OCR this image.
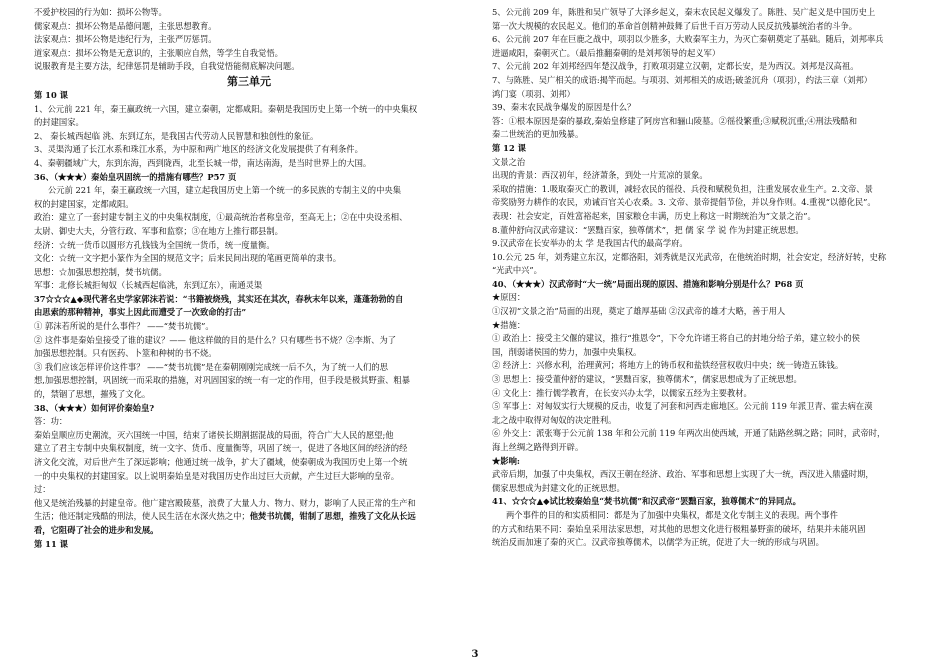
不爱护校园的行为如：损坏公物等。
儒家观点：损坏公物是品德问题，主张思想教育。
法家观点：损坏公物是违纪行为，主张严厉惩罚。
道家观点：损坏公物是无意识的，主张顺应自然，等学生自我觉悟。
说服教育是主要方法，纪律惩罚是辅助手段，自我觉悟能彻底解决问题。
第三单元
第 10 课
1、公元前 221 年，秦王赢政统一六国，建立秦朝，定都咸阳。秦朝是我国历史上第一个统一的中央集权
的封建国家。
2、 秦长城西起临 洮、东到辽东，是我国古代劳动人民智慧和独创性的象征。
3、灵渠沟通了长江水系和珠江水系，为中原和两广地区的经济文化发展提供了有利条件。
4、秦朝疆域广大，东到东海，西到陇西，北至长城一带，南达南海，是当时世界上的大国。
36、（★★★）秦始皇巩固统一的措施有哪些？P57 页
公元前 221 年，秦王赢政统一六国，建立起我国历史上第一个统一的多民族的专制主义的中央集
权的封建国家，定都咸阳。
政治：建立了一套封建专制主义的中央集权制度，①最高统治者称皇帝，至高无上；②在中央设丞相、
太尉、御史大夫，分管行政、军事和监察；③在地方上推行郡县制。
经济：☆统一货币以圆形方孔钱钱为全国统一货币，统一度量衡。
文化：☆统一文字把小篆作为全国的规范文字；后来民间出现的笔画更简单的隶书。
思想：☆加强思想控制，焚书坑儒。
军事：北修长城拒匈奴（长城西起临洮，东到辽东），南通灵渠
37☆☆☆▲◆现代著名史学家郭沫若说：“书籍被烧残，其实还在其次，春秋末年以来，蓬蓬勃勃的自
由思索的那种精神，事实上因此而遭受了一次致命的打击”
① 郭沫若所说的是什么事件？ ——“焚书坑儒”。
② 这件事是秦始皇接受了谁的建议？—— 他这样做的目的是什么？只有哪些书不烧？②李斯、为了
加强思想控制。只有医药、卜筮和种树的书不烧。
③ 我们应该怎样评价这件事？ ——“焚书坑儒”是在秦朝刚刚完成统一后不久，为了统一人们的思
想,加强思想控制，巩固统一而采取的措施，对巩固国家的统一有一定的作用，但手段是极其野蛮、粗暴
的，禁锢了思想，摧残了文化。
38、（★★★）如何评价秦始皇?
答：功：
秦始皇顺应历史潮流，灭六国统一中国，结束了诸侯长期割据混战的局面，符合广大人民的愿望;他
建立了君主专制中央集权制度，统一文字、货币、度量衡等，巩固了统一，促进了各地区间的经济的经
济文化交流，对后世产生了深远影响；他通过统一战争，扩大了疆域，使秦朝成为我国历史上第一个统
一的中央集权的封建国家。以上说明秦始皇是对我国历史作出过巨大贡献，产生过巨大影响的皇帝。
过：
他又是统治残暴的封建皇帝。他广建宫殿陵墓，浪费了大量人力、物力、财力，影响了人民正常的生产和
生活；他还制定残酷的刑法，使人民生活在水深火热之中；他焚书坑儒，钳制了思想，推残了文化从长远
看，它阻碍了社会的进步和发展。
第 11 课
5、公元前 209 年，陈胜和吴广领导了大泽乡起义，秦末农民起义爆发了。陈胜、吴广起义是中国历史上
第一次大规模的农民起义。他们的革命首创精神鼓舞了后世千百万劳动人民反抗残暴统治者的斗争。
6、公元前 207 年在巨鹿之战中，项羽以少胜多，大败秦军主力，为灭亡秦朝奠定了基础。随后，刘邦率兵
进逼咸阳，秦朝灭亡。（最后推翻秦朝的是刘邦领导的起义军）
7、公元前 202 年刘邦经四年楚汉战争，打败项羽建立汉朝，定都长安，是为西汉。刘邦是汉高祖。
7、与陈胜、吴广相关的成语:揭竿而起。与项羽、刘邦相关的成语;破釜沉舟（项羽），约法三章（刘邦）
鸿门宴（项羽、刘邦）
39、秦末农民战争爆发的原因是什么？
答：①根本原因是秦的暴政,秦始皇修建了阿房宫和骊山陵墓。②徭役繁重;③赋税沉重;④刑法残酷和
秦二世统治的更加残暴。
第 12 课
文景之治
出现的背景：西汉初年，经济萧条，到处一片荒凉的景象。
采取的措施：1.吸取秦灭亡的教训，减轻农民的徭役、兵役和赋税负担，注重发展农业生产。2.文帝、景
帝奖励努力耕作的农民，劝诫百官关心农桑。3. 文帝、景帝提倡节俭，并以身作则。4.重视“以德化民”。
表现：社会安定，百姓富裕起来，国家粮仓丰满，历史上称这一时期统治为“文景之治”。
8.董仲舒向汉武帝建议：“罢黜百家，独尊儒术”，把 儒 家 学 说 作为封建正统思想。
9.汉武帝在长安举办的太 学 是我国古代的最高学府。
10.公元 25 年，刘秀建立东汉，定都洛阳，刘秀就是汉光武帝，在他统治时期，社会安定，经济好转，史称
“光武中兴”。
40、（★★★）汉武帝时“大一统”局面出现的原因、措施和影响分别是什么？P68 页
★原因：
①汉初“文景之治”局面的出现，奠定了雄厚基础 ②汉武帝的雄才大略，善于用人
★措施：
① 政治上：接受主父偃的建议，推行“推恩令”，下令允许诸王将自己的封地分给子弟，建立较小的侯
国，削弱诸侯国的势力，加强中央集权。
② 经济上：兴修水利，治理黄河；将地方上的铸币权和盐铁经营权收归中央；统一铸造五铢钱。
③ 思想上：接受董仲舒的建议，“罢黜百家，独尊儒术”，儒家思想成为了正统思想。
④ 文化上：推行儒学教育，在长安兴办太学，以儒家五经为主要教材。
⑤ 军事上：对匈奴实行大规模的反击，收复了河套和河西走廊地区。公元前 119 年派卫青、霍去病在漠
北之战中取得对匈奴的决定胜利。
⑥ 外交上：派张骞于公元前 138 年和公元前 119 年两次出使西域，开通了陆路丝绸之路；同时，武帝时，
海上丝绸之路得到开辟。
★影响:
武帝后期，加强了中央集权，西汉王朝在经济、政治、军事和思想上实现了大一统，西汉进入鼎盛时期，
儒家思想成为封建文化的正统思想。
41、☆☆☆▲◆试比较秦始皇“焚书坑儒”和汉武帝“罢黜百家，独尊儒术”的异同点。
两个事件的目的和实质相同：都是为了加强中央集权，都是文化专制主义的表现。两个事件
的方式和结果不同：秦始皇采用法家思想，对其他的思想文化进行极粗暴野蛮的破坏，结果并未能巩固
统治反而加速了秦的灭亡。汉武帝独尊儒术，以儒学为正统，促进了大一统的形成与巩固。
3
